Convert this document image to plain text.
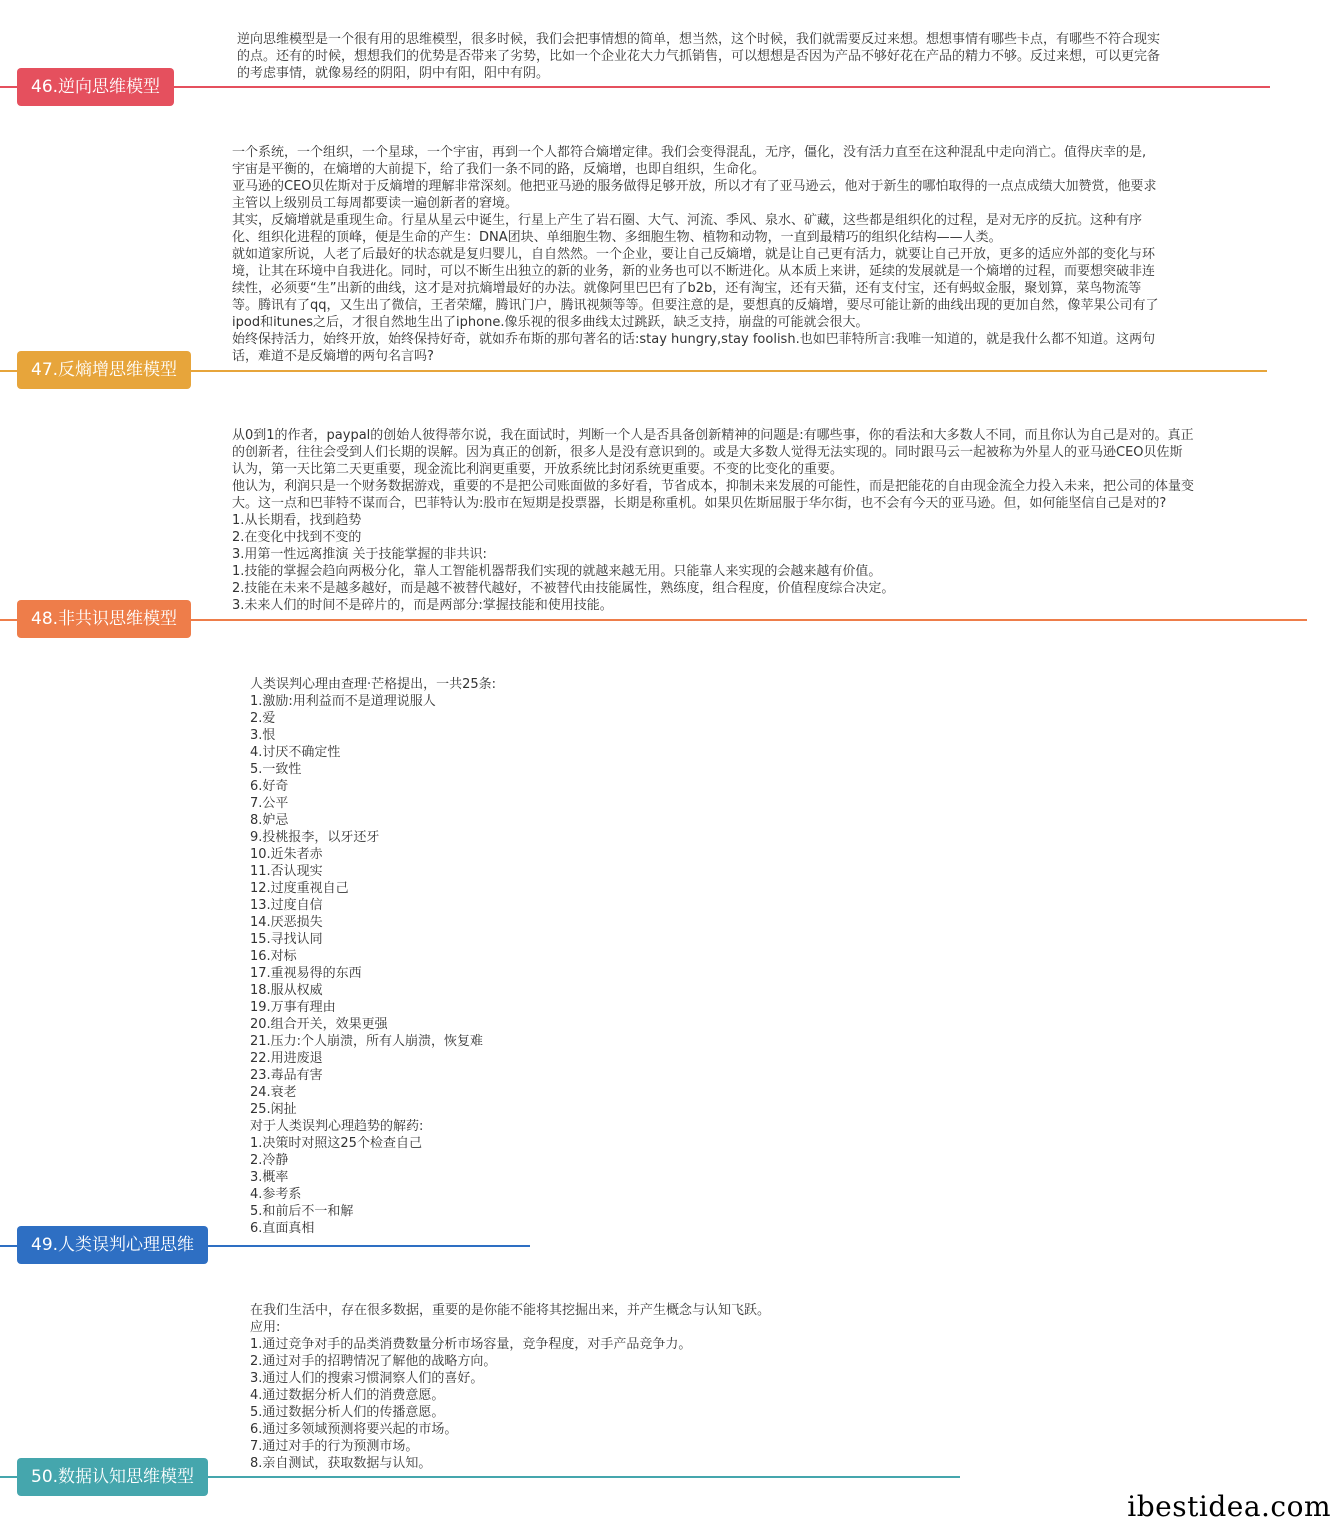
46.逆向思维模型

逆向思维模型是一个很有用的思维模型，很多时候，我们会把事情想的简单，想当然，这个时候，我们就需要反过来想。想想事情有哪些卡点，有哪些不符合现实

的点。还有的时候，想想我们的优势是否带来了劣势，比如一个企业花大力气抓销售，可以想想是否因为产品不够好花在产品的精力不够。反过来想，可以更完备

的考虑事情，就像易经的阴阳，阴中有阳，阳中有阴。

47.反熵增思维模型

一个系统，一个组织，一个星球，一个宇宙，再到一个人都符合熵增定律。我们会变得混乱，无序，僵化，没有活力直至在这种混乱中走向消亡。值得庆幸的是,

宇宙是平衡的，在熵增的大前提下，给了我们一条不同的路，反熵增，也即自组织，生命化。

亚马逊的CEO贝佐斯对于反熵增的理解非常深刻。他把亚马逊的服务做得足够开放，所以才有了亚马逊云，他对于新生的哪怕取得的一点点成绩大加赞赏，他要求

主管以上级别员工每周都要读一遍创新者的窘境。

其实，反熵增就是重现生命。行星从星云中诞生，行星上产生了岩石圈、大气、河流、季风、泉水、矿藏，这些都是组织化的过程，是对无序的反抗。这种有序

化、组织化进程的顶峰，便是生命的产生：DNA团块、单细胞生物、多细胞生物、植物和动物，一直到最精巧的组织化结构——人类。

就如道家所说，人老了后最好的状态就是复归婴儿，自自然然。一个企业，要让自己反熵增，就是让自己更有活力，就要让自己开放，更多的适应外部的变化与环

境，让其在环境中自我进化。同时，可以不断生出独立的新的业务，新的业务也可以不断进化。从本质上来讲，延续的发展就是一个熵增的过程，而要想突破非连

续性，必须要“生”出新的曲线，这才是对抗熵增最好的办法。就像阿里巴巴有了b2b，还有淘宝，还有天猫，还有支付宝，还有蚂蚁金服，聚划算，菜鸟物流等

等。腾讯有了qq，又生出了微信，王者荣耀，腾讯门户，腾讯视频等等。但要注意的是，要想真的反熵增，要尽可能让新的曲线出现的更加自然，像苹果公司有了

ipod和itunes之后，才很自然地生出了iphone.像乐视的很多曲线太过跳跃，缺乏支持，崩盘的可能就会很大。

始终保持活力，始终开放，始终保持好奇，就如乔布斯的那句著名的话:stay hungry,stay foolish.也如巴菲特所言:我唯一知道的，就是我什么都不知道。这两句

话，难道不是反熵增的两句名言吗?

48.非共识思维模型

从0到1的作者，paypal的创始人彼得蒂尔说，我在面试时，判断一个人是否具备创新精神的问题是:有哪些事，你的看法和大多数人不同，而且你认为自己是对的。真正

的创新者，往往会受到人们长期的误解。因为真正的创新，很多人是没有意识到的。或是大多数人觉得无法实现的。同时跟马云一起被称为外星人的亚马逊CEO贝佐斯

认为，第一天比第二天更重要，现金流比利润更重要，开放系统比封闭系统更重要。不变的比变化的重要。

他认为，利润只是一个财务数据游戏，重要的不是把公司账面做的多好看，节省成本，抑制未来发展的可能性，而是把能花的自由现金流全力投入未来，把公司的体量变

大。这一点和巴菲特不谋而合，巴菲特认为:股市在短期是投票器，长期是称重机。如果贝佐斯屈服于华尔街，也不会有今天的亚马逊。但，如何能坚信自己是对的?

1.从长期看，找到趋势

2.在变化中找到不变的

3.用第一性远离推演 关于技能掌握的非共识:

1.技能的掌握会趋向两极分化，靠人工智能机器帮我们实现的就越来越无用。只能靠人来实现的会越来越有价值。

2.技能在未来不是越多越好，而是越不被替代越好，不被替代由技能属性，熟练度，组合程度，价值程度综合决定。

3.未来人们的时间不是碎片的，而是两部分:掌握技能和使用技能。

49.人类误判心理思维

人类误判心理由查理·芒格提出，一共25条:

1.激励:用利益而不是道理说服人

2.爱

3.恨

4.讨厌不确定性

5.一致性

6.好奇

7.公平

8.妒忌

9.投桃报李，以牙还牙

10.近朱者赤

11.否认现实

12.过度重视自己

13.过度自信

14.厌恶损失

15.寻找认同

16.对标

17.重视易得的东西

18.服从权威

19.万事有理由

20.组合开关，效果更强

21.压力:个人崩溃，所有人崩溃，恢复难

22.用进废退

23.毒品有害

24.衰老

25.闲扯

对于人类误判心理趋势的解药:

1.决策时对照这25个检查自己

2.冷静

3.概率

4.参考系

5.和前后不一和解

6.直面真相

50.数据认知思维模型

在我们生活中，存在很多数据，重要的是你能不能将其挖掘出来，并产生概念与认知飞跃。

应用:

1.通过竞争对手的品类消费数量分析市场容量，竞争程度，对手产品竞争力。

2.通过对手的招聘情况了解他的战略方向。

3.通过人们的搜索习惯洞察人们的喜好。

4.通过数据分析人们的消费意愿。

5.通过数据分析人们的传播意愿。

6.通过多领域预测将要兴起的市场。

7.通过对手的行为预测市场。

8.亲自测试，获取数据与认知。

ibestidea.com
